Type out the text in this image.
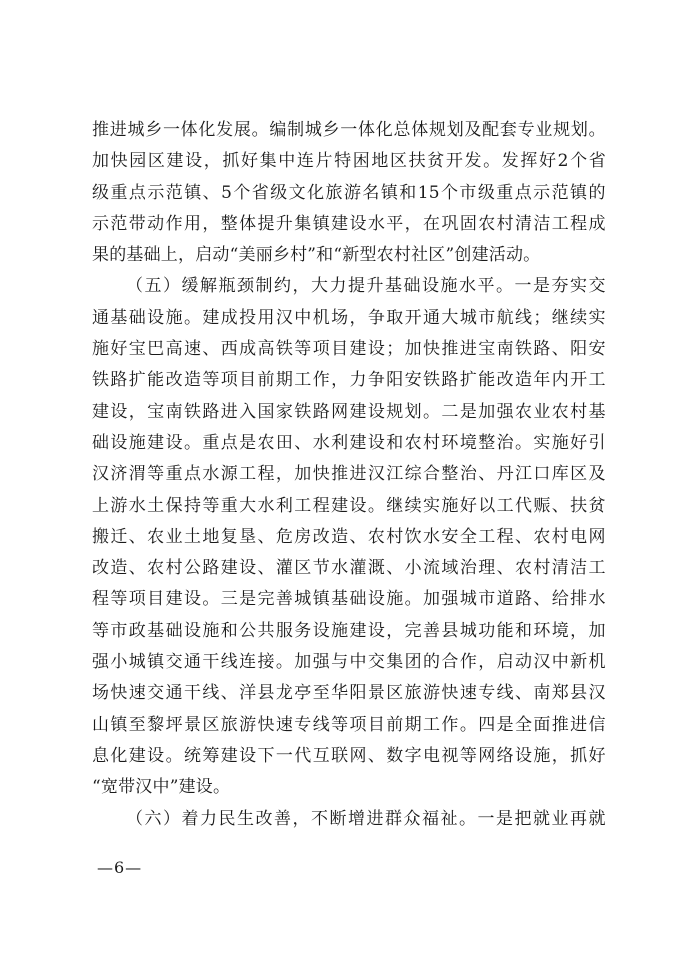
推 进 城 乡 一 体 化 发 展 。 编 制 城 乡 一 体 化 总 体 规 划 及 配 套 专 业 规 划 。
加 快 园 区 建 设 ， 抓 好 集 中 连 片 特 困 地 区 扶 贫 开 发 。 发 挥 好 2 个 省
级 重 点 示 范 镇 、 5 个 省 级 文 化 旅 游 名 镇 和 15 个 市 级 重 点 示 范 镇 的
示 范 带 动 作 用 ， 整 体 提 升 集 镇 建 设 水 平 ， 在 巩 固 农 村 清 洁 工 程 成
果的基础上，启动“美丽乡村”和“新型农村社区”创建活动。
（ 五 ） 缓 解 瓶 颈 制 约 ， 大 力 提 升 基 础 设 施 水 平 。 一 是 夯 实 交
通 基 础 设 施 。 建 成 投 用 汉 中 机 场 ， 争 取 开 通 大 城 市 航 线 ； 继 续 实
施 好 宝 巴 高 速 、 西 成 高 铁 等 项 目 建 设 ； 加 快 推 进 宝 南 铁 路 、 阳 安
铁 路 扩 能 改 造 等 项 目 前 期 工 作 ， 力 争 阳 安 铁 路 扩 能 改 造 年 内 开 工
建 设 ， 宝 南 铁 路 进 入 国 家 铁 路 网 建 设 规 划 。 二 是 加 强 农 业 农 村 基
础 设 施 建 设 。 重 点 是 农 田 、 水 利 建 设 和 农 村 环 境 整 治 。 实 施 好 引
汉 济 渭 等 重 点 水 源 工 程 ， 加 快 推 进 汉 江 综 合 整 治 、 丹 江 口 库 区 及
上 游 水 土 保 持 等 重 大 水 利 工 程 建 设 。 继 续 实 施 好 以 工 代 赈 、 扶 贫
搬 迁 、 农 业 土 地 复 垦 、 危 房 改 造 、 农 村 饮 水 安 全 工 程 、 农 村 电 网
改 造 、 农 村 公 路 建 设 、 灌 区 节 水 灌 溉 、 小 流 域 治 理 、 农 村 清 洁 工
程 等 项 目 建 设 。 三 是 完 善 城 镇 基 础 设 施 。 加 强 城 市 道 路 、 给 排 水
等 市 政 基 础 设 施 和 公 共 服 务 设 施 建 设 ， 完 善 县 城 功 能 和 环 境 ， 加
强 小 城 镇 交 通 干 线 连 接 。 加 强 与 中 交 集 团 的 合 作 ， 启 动 汉 中 新 机
场 快 速 交 通 干 线 、 洋 县 龙 亭 至 华 阳 景 区 旅 游 快 速 专 线 、 南 郑 县 汉
山 镇 至 黎 坪 景 区 旅 游 快 速 专 线 等 项 目 前 期 工 作 。 四 是 全 面 推 进 信
息 化 建 设 。 统 筹 建 设 下 一 代 互 联 网 、 数 字 电 视 等 网 络 设 施 ， 抓 好
“宽带汉中”建设。
（ 六 ） 着 力 民 生 改 善 ， 不 断 增 进 群 众 福 祉 。 一 是 把 就 业 再 就
—6—
